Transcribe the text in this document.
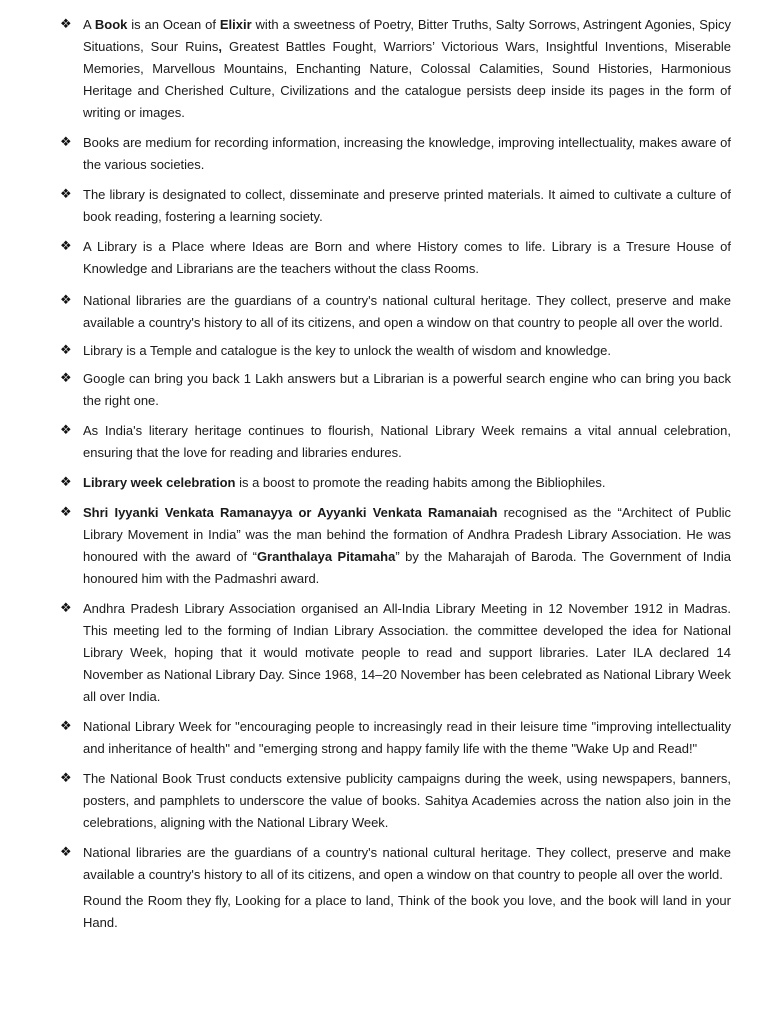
❖ A Book is an Ocean of Elixir with a sweetness of Poetry, Bitter Truths, Salty Sorrows, Astringent Agonies, Spicy Situations, Sour Ruins, Greatest Battles Fought, Warriors’ Victorious Wars, Insightful Inventions, Miserable Memories, Marvellous Mountains, Enchanting Nature, Colossal Calamities, Sound Histories, Harmonious Heritage and Cherished Culture, Civilizations and the catalogue persists deep inside its pages in the form of writing or images.

❖ Books are medium for recording information, increasing the knowledge, improving intellectuality, makes aware of the various societies.

❖ The library is designated to collect, disseminate and preserve printed materials. It aimed to cultivate a culture of book reading, fostering a learning society.

❖ A Library is a Place where Ideas are Born and where History comes to life. Library is a Tresure House of Knowledge and Librarians are the teachers without the class Rooms.

❖ National libraries are the guardians of a country's national cultural heritage. They collect, preserve and make available a country's history to all of its citizens, and open a window on that country to people all over the world.

❖ Library is a Temple and catalogue is the key to unlock the wealth of wisdom and knowledge.

❖ Google can bring you back 1 Lakh answers but a Librarian is a powerful search engine who can bring you back the right one.

❖ As India's literary heritage continues to flourish, National Library Week remains a vital annual celebration, ensuring that the love for reading and libraries endures.

❖ Library week celebration is a boost to promote the reading habits among the Bibliophiles.

❖ Shri Iyyanki Venkata Ramanayya or Ayyanki Venkata Ramanaiah recognised as the “Architect of Public Library Movement in India” was the man behind the formation of Andhra Pradesh Library Association. He was honoured with the award of “Granthalaya Pitamaha” by the Maharajah of Baroda. The Government of India honoured him with the Padmashri award.

❖ Andhra Pradesh Library Association organised an All-India Library Meeting in 12 November 1912 in Madras. This meeting led to the forming of Indian Library Association. the committee developed the idea for National Library Week, hoping that it would motivate people to read and support libraries. Later ILA declared 14 November as National Library Day. Since 1968, 14–20 November has been celebrated as National Library Week all over India.

❖ National Library Week for "encouraging people to increasingly read in their leisure time "improving intellectuality and inheritance of health" and "emerging strong and happy family life with the theme "Wake Up and Read!"

❖ The National Book Trust conducts extensive publicity campaigns during the week, using newspapers, banners, posters, and pamphlets to underscore the value of books. Sahitya Academies across the nation also join in the celebrations, aligning with the National Library Week.

❖ National libraries are the guardians of a country's national cultural heritage. They collect, preserve and make available a country's history to all of its citizens, and open a window on that country to people all over the world.

Round the Room they fly, Looking for a place to land, Think of the book you love, and the book will land in your Hand.
